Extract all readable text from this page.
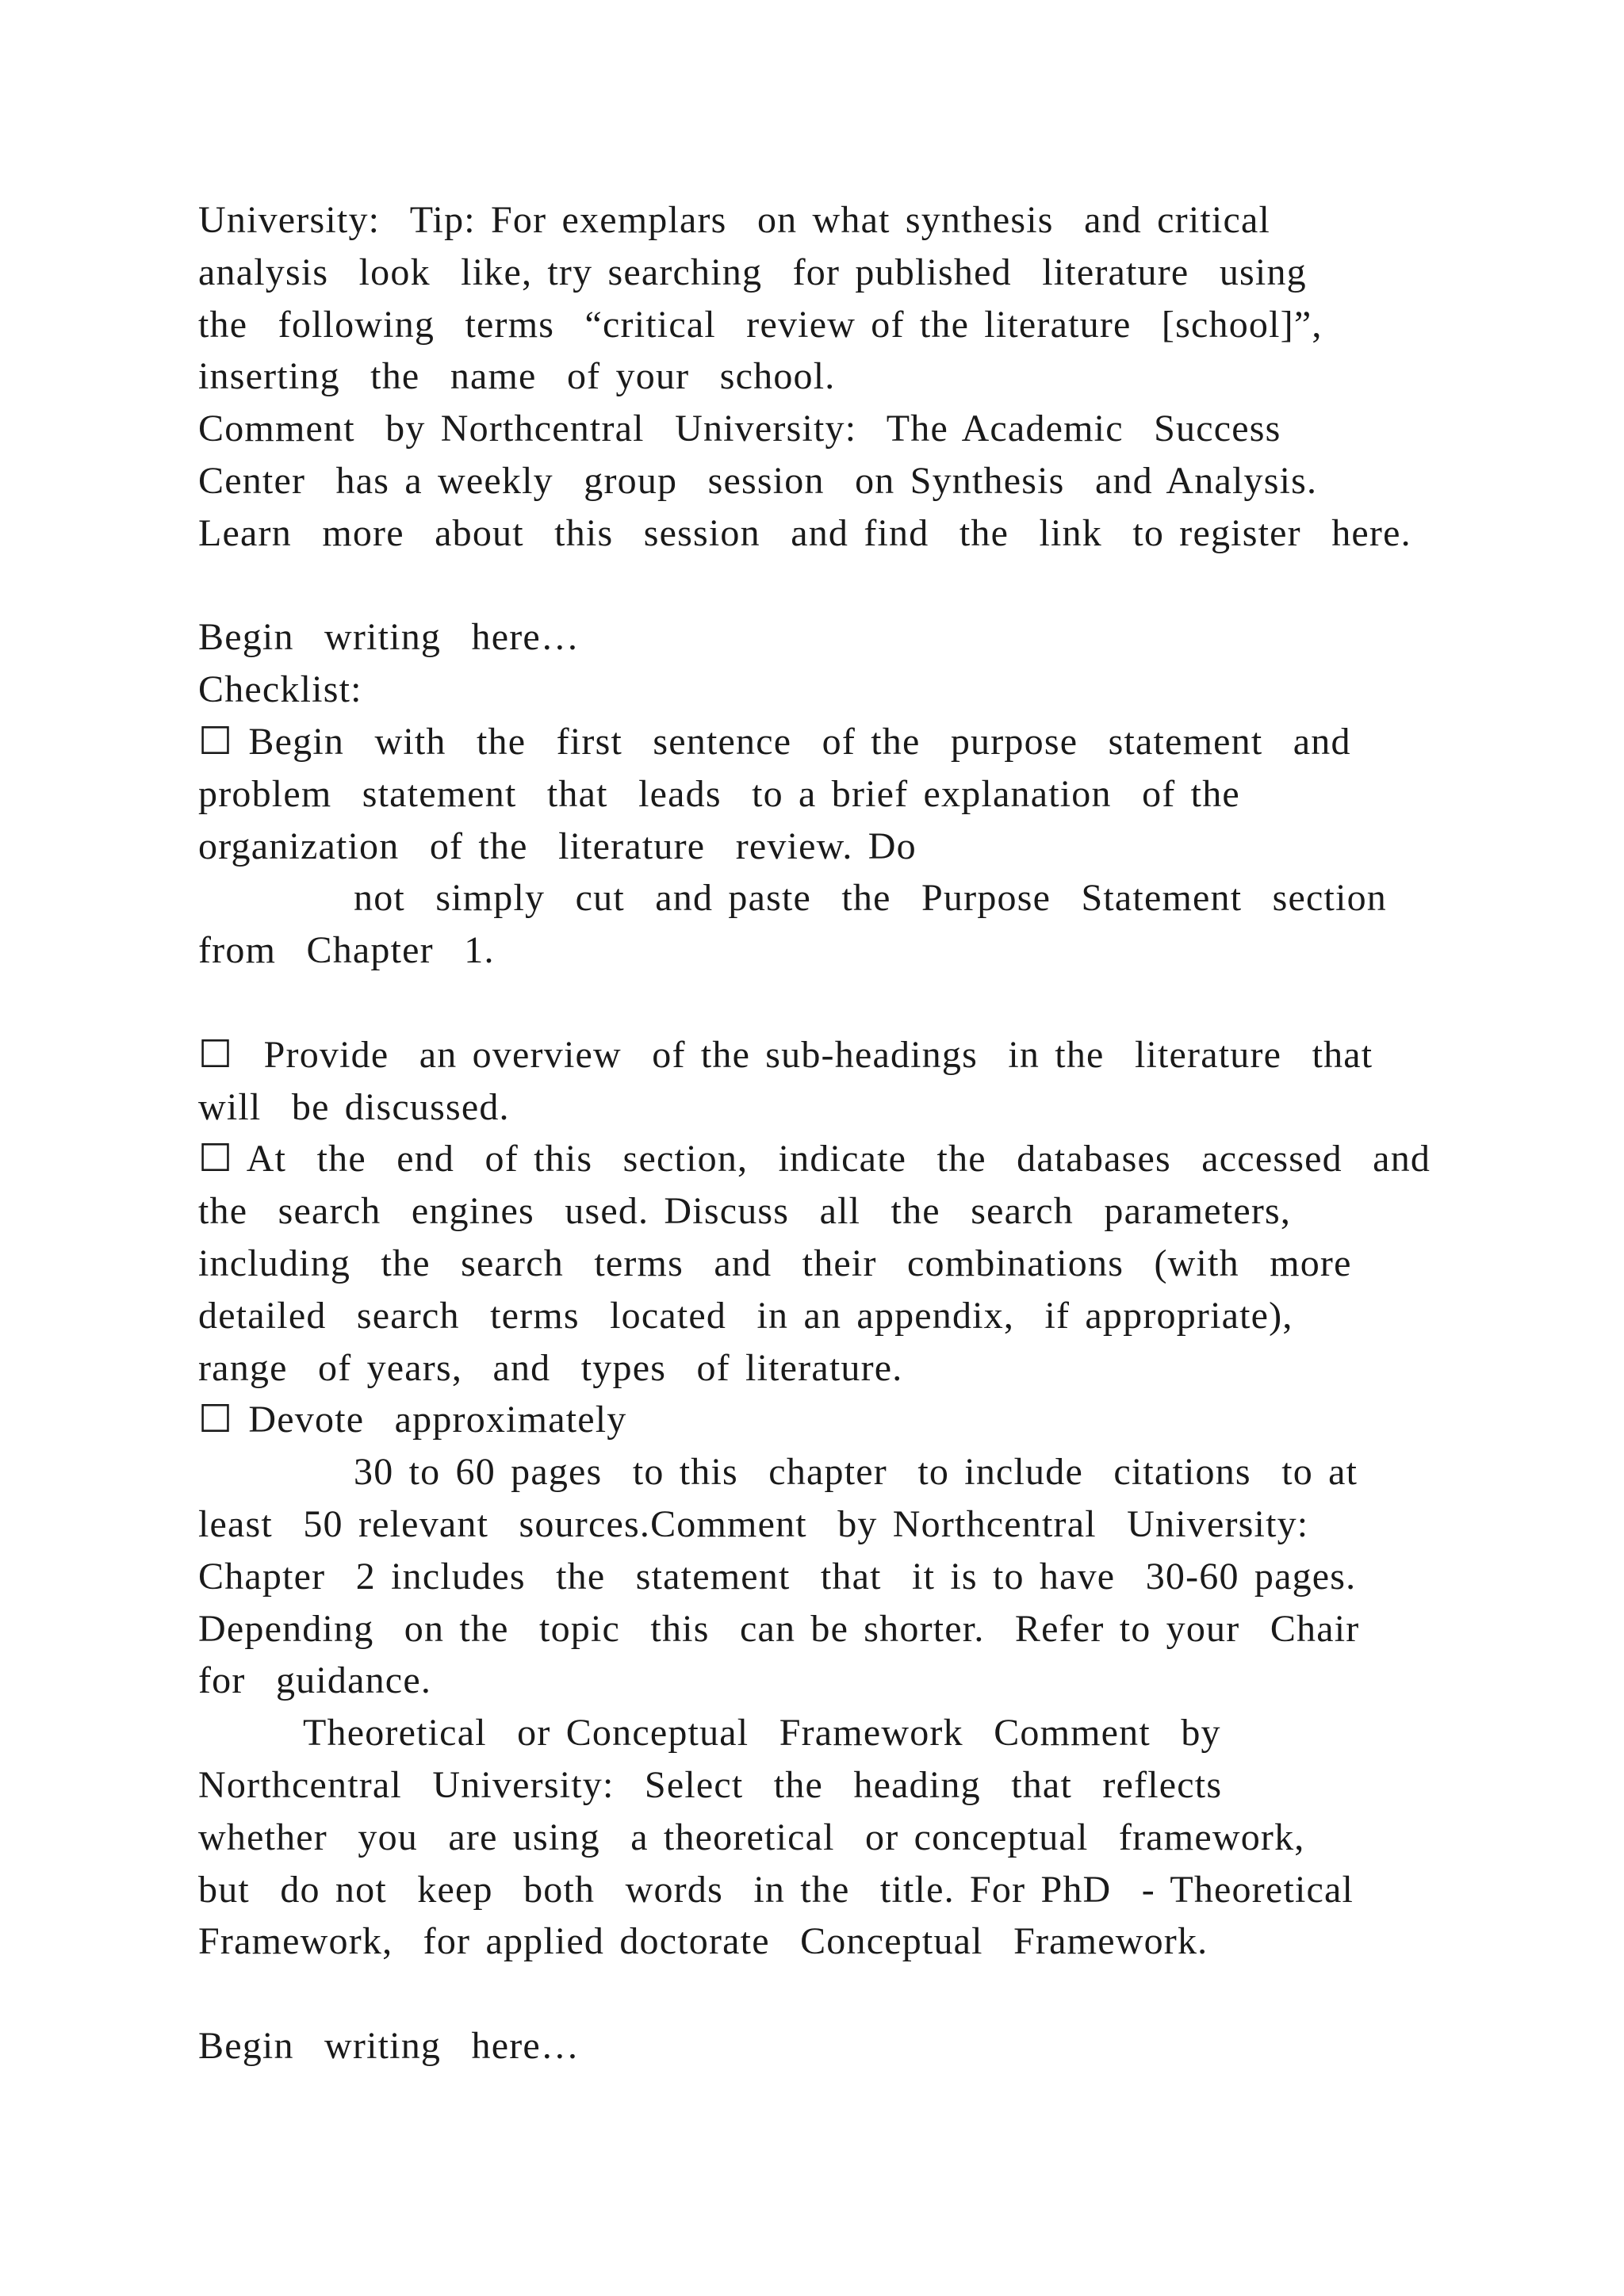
University:  Tip: For exemplars  on what synthesis  and critical
analysis  look  like, try searching  for published  literature  using
the  following  terms  “critical  review of the literature  [school]”,
inserting  the  name  of your  school.
Comment  by Northcentral  University:  The Academic  Success
Center  has a weekly  group  session  on Synthesis  and Analysis.
Learn  more  about  this  session  and find  the  link  to register  here.
Begin  writing  here…
Checklist:
☐ Begin  with  the  first  sentence  of the  purpose  statement  and
problem  statement  that  leads  to a brief explanation  of the
organization  of the  literature  review. Do
not  simply  cut  and paste  the  Purpose  Statement  section
from  Chapter  1.
☐  Provide  an overview  of the sub-headings  in the  literature  that
will  be discussed.
☐ At  the  end  of this  section,  indicate  the  databases  accessed  and
the  search  engines  used. Discuss  all  the  search  parameters,
including  the  search  terms  and  their  combinations  (with  more
detailed  search  terms  located  in an appendix,  if appropriate),
range  of years,  and  types  of literature.
☐ Devote  approximately
30 to 60 pages  to this  chapter  to include  citations  to at
least  50 relevant  sources.Comment  by Northcentral  University:
Chapter  2 includes  the  statement  that  it is to have  30-60 pages.
Depending  on the  topic  this  can be shorter.  Refer to your  Chair
for  guidance.
Theoretical  or Conceptual  Framework  Comment  by
Northcentral  University:  Select  the  heading  that  reflects
whether  you  are using  a theoretical  or conceptual  framework,
but  do not  keep  both  words  in the  title. For PhD  - Theoretical
Framework,  for applied doctorate  Conceptual  Framework.
Begin  writing  here…
